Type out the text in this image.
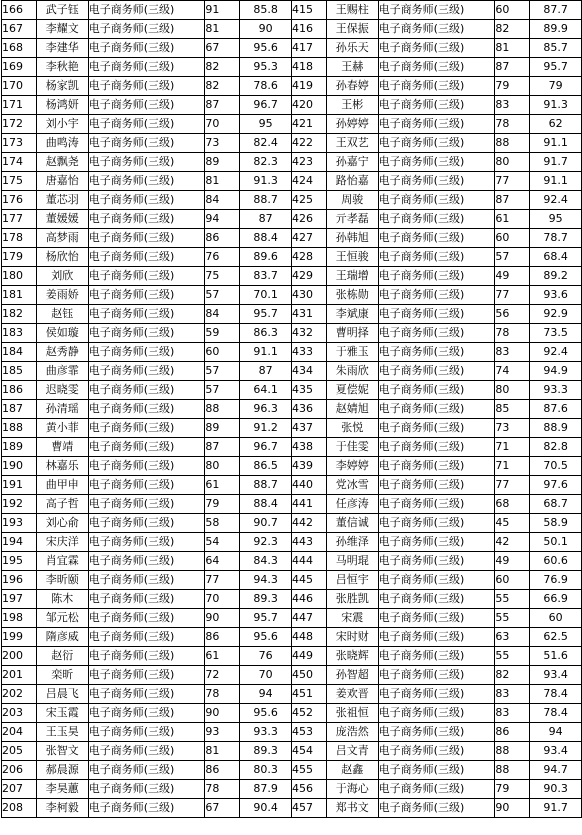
166	武子钰	电子商务师(三级)	91	85.8	415	王赐柱	电子商务师(三级)	60	87.7
167	李耀文	电子商务师(三级)	81	90	416	王保振	电子商务师(三级)	82	89.9
168	李建华	电子商务师(三级)	67	95.6	417	孙乐天	电子商务师(三级)	81	85.7
169	李秋艳	电子商务师(三级)	82	95.3	418	王赫	电子商务师(三级)	87	95.7
170	杨家凯	电子商务师(三级)	82	78.6	419	孙春婷	电子商务师(三级)	79	79
171	杨鸿妍	电子商务师(三级)	87	96.7	420	王彬	电子商务师(三级)	83	91.3
172	刘小宇	电子商务师(三级)	70	95	421	孙婷婷	电子商务师(三级)	78	62
173	曲鸣涛	电子商务师(三级)	73	82.4	422	王双艺	电子商务师(三级)	88	91.1
174	赵飘尧	电子商务师(三级)	89	82.3	423	孙嘉宁	电子商务师(三级)	80	91.7
175	唐嘉怡	电子商务师(三级)	81	91.3	424	路怡嘉	电子商务师(三级)	77	91.1
176	董芯羽	电子商务师(三级)	84	88.7	425	周骏	电子商务师(三级)	87	92.4
177	董媛媛	电子商务师(三级)	94	87	426	亓孝磊	电子商务师(三级)	61	95
178	高梦雨	电子商务师(三级)	86	88.4	427	孙韩旭	电子商务师(三级)	60	78.7
179	杨欣怡	电子商务师(三级)	76	89.6	428	王恒骏	电子商务师(三级)	57	68.4
180	刘欣	电子商务师(三级)	75	83.7	429	王瑞增	电子商务师(三级)	49	89.2
181	姜雨娇	电子商务师(三级)	57	70.1	430	张栋勋	电子商务师(三级)	77	93.6
182	赵钰	电子商务师(三级)	84	95.7	431	李斌康	电子商务师(三级)	56	92.9
183	侯如璇	电子商务师(三级)	59	86.3	432	曹明择	电子商务师(三级)	78	73.5
184	赵秀静	电子商务师(三级)	60	91.1	433	于雅玉	电子商务师(三级)	83	92.4
185	曲彦霏	电子商务师(三级)	57	87	434	朱雨欣	电子商务师(三级)	74	94.9
186	迟晓雯	电子商务师(三级)	57	64.1	435	夏偿妮	电子商务师(三级)	80	93.3
187	孙清瑶	电子商务师(三级)	88	96.3	436	赵婧旭	电子商务师(三级)	85	87.6
188	黄小菲	电子商务师(三级)	89	91.2	437	张悦	电子商务师(三级)	73	88.9
189	曹靖	电子商务师(三级)	87	96.7	438	于佳雯	电子商务师(三级)	71	82.8
190	林嘉乐	电子商务师(三级)	80	86.5	439	李婷婷	电子商务师(三级)	71	70.5
191	曲甲申	电子商务师(三级)	61	88.7	440	党冰雪	电子商务师(三级)	77	97.6
192	高子哲	电子商务师(三级)	79	88.4	441	任彦涛	电子商务师(三级)	68	68.7
193	刘心俞	电子商务师(三级)	58	90.7	442	董信诚	电子商务师(三级)	45	58.9
194	宋庆洋	电子商务师(三级)	54	92.3	443	孙维泽	电子商务师(三级)	42	50.1
195	肖宜霖	电子商务师(三级)	64	84.3	444	马明琨	电子商务师(三级)	49	60.6
196	李昕颐	电子商务师(三级)	77	94.3	445	吕恒宇	电子商务师(三级)	60	76.9
197	陈木	电子商务师(三级)	70	89.3	446	张胜凯	电子商务师(三级)	55	66.9
198	邹元松	电子商务师(三级)	90	95.7	447	宋震	电子商务师(三级)	55	60
199	隋彦威	电子商务师(三级)	86	95.6	448	宋时财	电子商务师(三级)	63	62.5
200	赵衍	电子商务师(三级)	61	76	449	张晓辉	电子商务师(三级)	55	51.6
201	栾昕	电子商务师(三级)	72	70	450	孙智超	电子商务师(三级)	82	93.4
202	吕晨飞	电子商务师(三级)	78	94	451	姜欢晋	电子商务师(三级)	83	78.4
203	宋玉霞	电子商务师(三级)	90	95.6	452	张祖恒	电子商务师(三级)	83	78.4
204	王玉昊	电子商务师(三级)	93	93.3	453	庞浩然	电子商务师(三级)	86	94
205	张智文	电子商务师(三级)	81	89.3	454	吕文青	电子商务师(三级)	88	93.4
206	郝晨源	电子商务师(三级)	86	80.3	455	赵鑫	电子商务师(三级)	88	94.7
207	李昊蕙	电子商务师(三级)	78	87.9	456	于海心	电子商务师(三级)	79	90.3
208	李柯毅	电子商务师(三级)	67	90.4	457	郑书文	电子商务师(三级)	90	91.7
